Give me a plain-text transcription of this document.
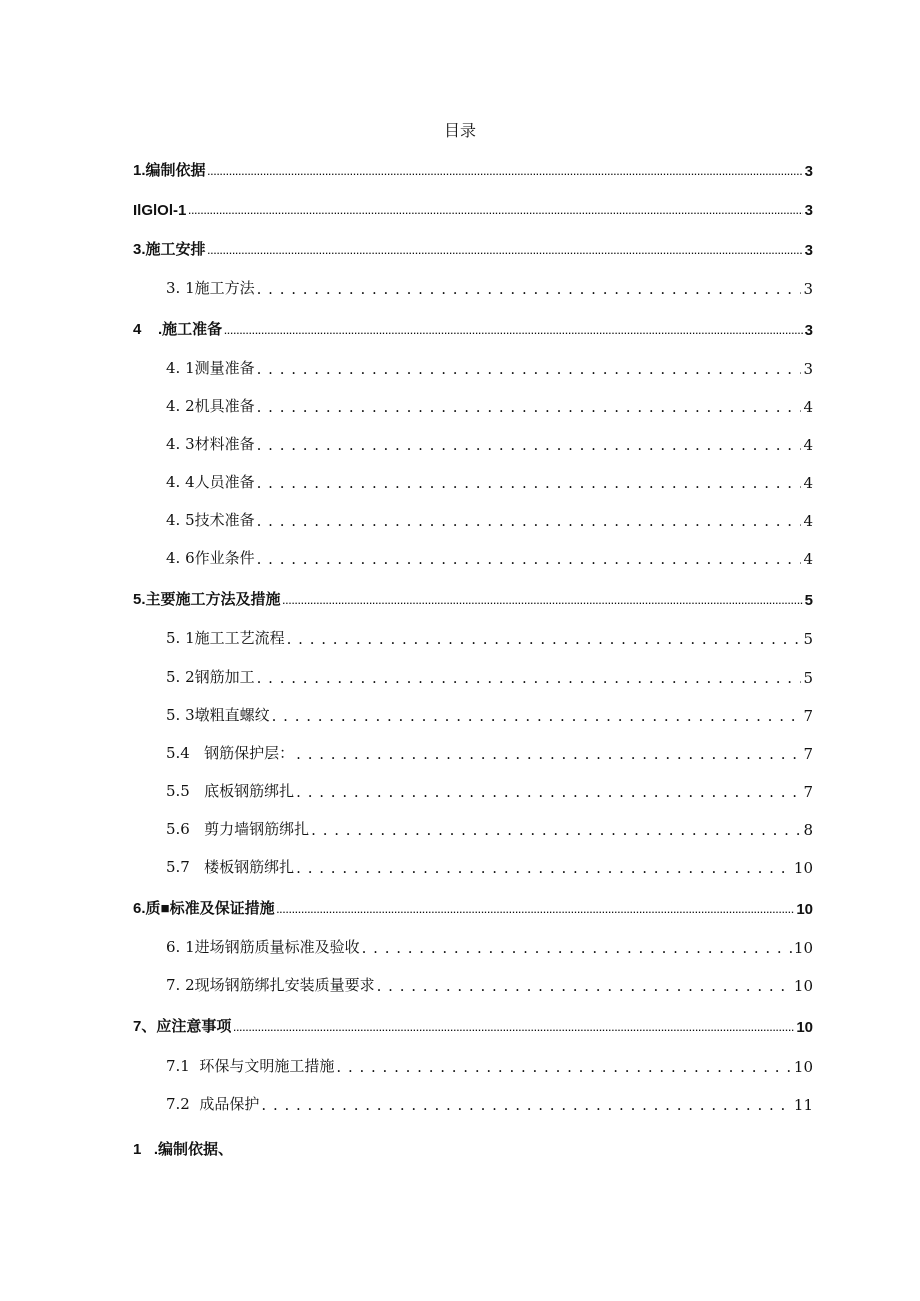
目录
1.编制依据 .....	3
IlGlOl-1 .....	3
3.施工安排 .....	3
3. 1施工方法 . . .	3
4    .施工准备 .....	3
4. 1测量准备 . . .	3
4. 2机具准备 . . .	4
4. 3材料准备 . . .	4
4. 4人员准备 . . .	4
4. 5技术准备 . . .	4
4. 6作业条件 . . .	4
5.主要施工方法及措施 .....	5
5. 1施工工艺流程 . . .	5
5. 2钢筋加工 . . .	5
5. 3墩粗直螺纹 . . .	7
5.4   钢筋保护层： . . .	7
5.5   底板钢筋绑扎 . . .	7
5.6   剪力墙钢筋绑扎 . . .	8
5.7   楼板钢筋绑扎 . . .	10
6.质■标准及保证措施 .....	10
6. 1进场钢筋质量标准及验收 . . .	10
7. 2现场钢筋绑扎安装质量要求 . . .	10
7、应注意事项 .....	10
7.1  环保与文明施工措施 . . .	10
7.2  成品保护 . . .	11
1   .编制依据、
